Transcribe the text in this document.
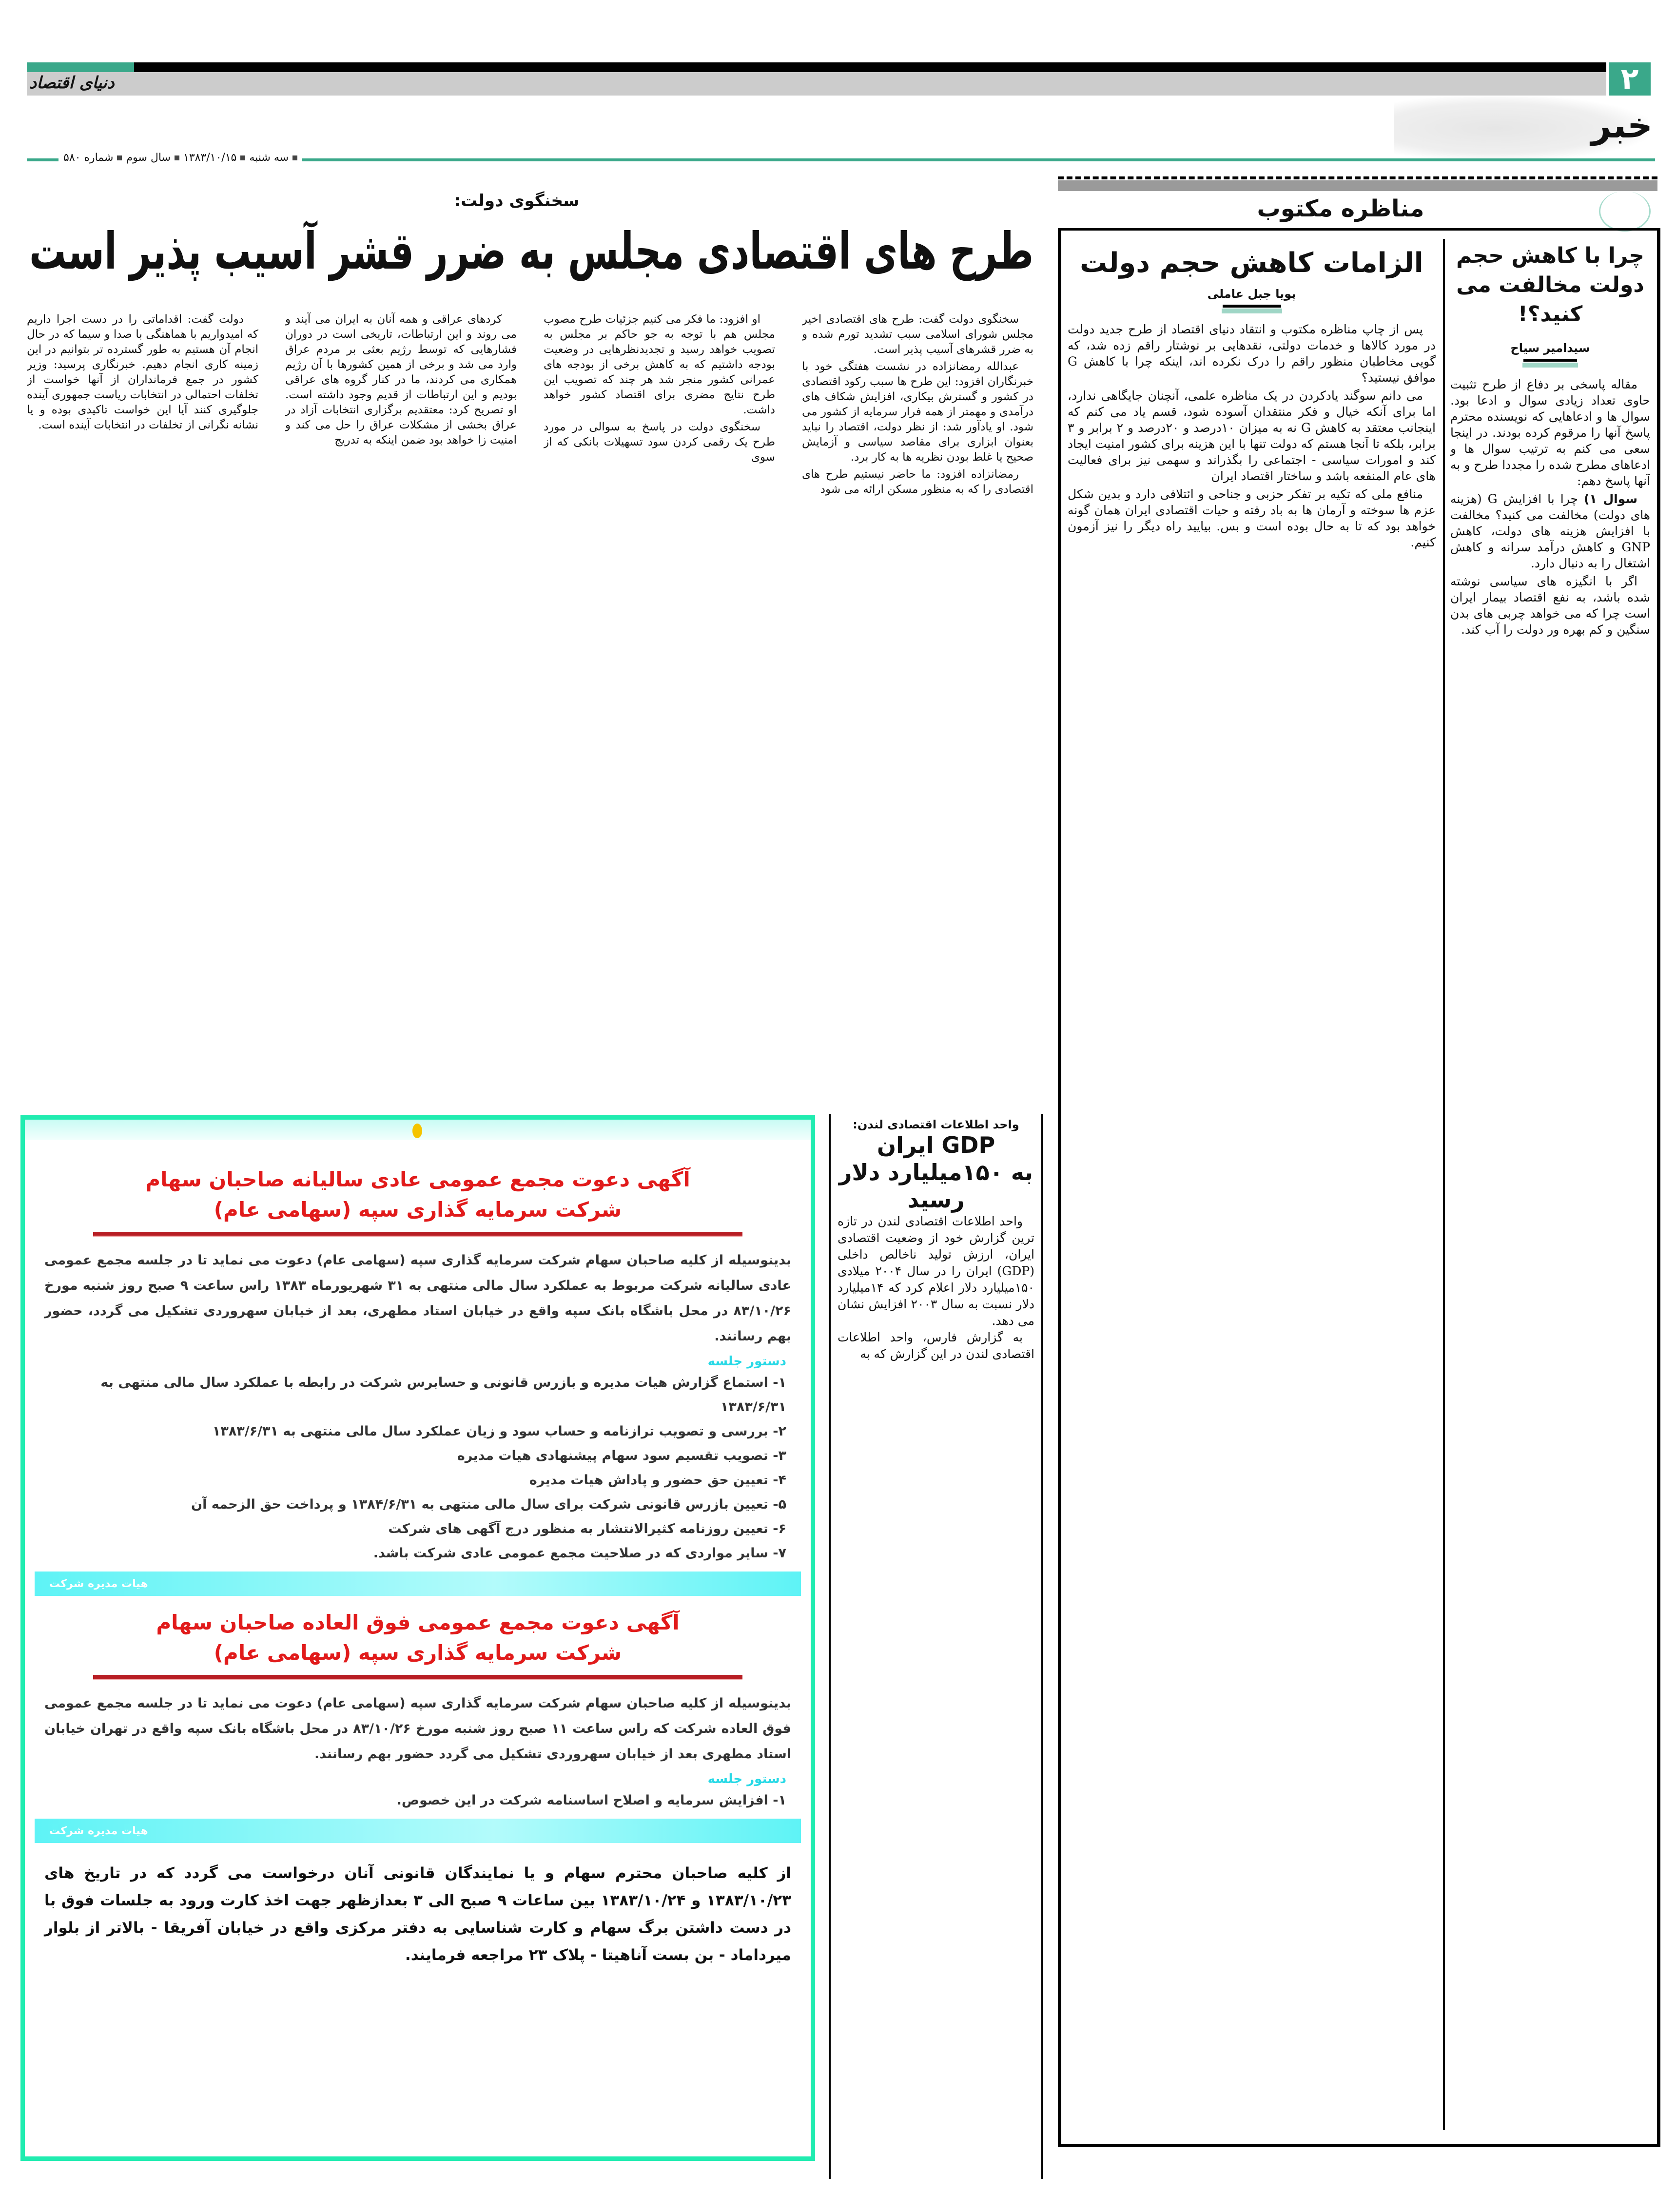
۲
دنیای اقتصاد
خبر
سه شنبه
۱۳۸۳/۱۰/۱۵
سال سوم
شماره ۵۸۰
سخنگوی دولت:
طرح های اقتصادی مجلس به ضرر قشر آسیب پذیر است

سخنگوی دولت گفت: طرح های اقتصادی اخیر مجلس شورای اسلامی سبب تشدید تورم شده و به ضرر قشرهای آسیب پذیر است.

عبدالله رمضانزاده در نشست هفتگی خود با خبرنگاران افزود: این طرح ها سبب رکود اقتصادی در کشور و گسترش بیکاری، افزایش شکاف های درآمدی و مهمتر از همه فرار سرمایه از کشور می شود. او یادآور شد: از نظر دولت، اقتصاد را نباید بعنوان ابزاری برای مقاصد سیاسی و آزمایش صحیح یا غلط بودن نظریه ها به کار برد.

رمضانزاده افزود: ما حاضر نیستیم طرح های اقتصادی را که به منظور مسکن ارائه می شود

او افزود: ما فکر می کنیم جزئیات طرح مصوب مجلس هم با توجه به جو حاکم بر مجلس به تصویب خواهد رسید و تجدیدنظرهایی در وضعیت بودجه داشتیم که به کاهش برخی از بودجه های عمرانی کشور منجر شد هر چند که تصویب این طرح نتایج مضری برای اقتصاد کشور خواهد داشت.

سخنگوی دولت در پاسخ به سوالی در مورد طرح یک رقمی کردن سود تسهیلات بانکی که از سوی

کردهای عراقی و همه آنان به ایران می آیند و می روند و این ارتباطات، تاریخی است در دوران فشارهایی که توسط رژیم بعثی بر مردم عراق وارد می شد و برخی از همین کشورها با آن رژیم همکاری می کردند، ما در کنار گروه های عراقی بودیم و این ارتباطات از قدیم وجود داشته است. او تصریح کرد: معتقدیم برگزاری انتخابات آزاد در عراق بخشی از مشکلات عراق را حل می کند و امنیت زا خواهد بود ضمن اینکه به تدریج

دولت گفت: اقداماتی را در دست اجرا داریم که امیدواریم با هماهنگی با صدا و سیما که در حال انجام آن هستیم به طور گسترده تر بتوانیم در این زمینه کاری انجام دهیم. خبرنگاری پرسید: وزیر کشور در جمع فرمانداران از آنها خواست از تخلفات احتمالی در انتخابات ریاست جمهوری آینده جلوگیری کنند آیا این خواست تاکیدی بوده و یا نشانه نگرانی از تخلفات در انتخابات آینده است.

مناظره مکتوب
چرا با کاهش حجم دولت مخالفت می کنید؟!
سیدامیر سیاح

مقاله پاسخی بر دفاع از طرح تثبیت حاوی تعداد زیادی سوال و ادعا بود. سوال ها و ادعاهایی که نویسنده محترم پاسخ آنها را مرقوم کرده بودند. در اینجا سعی می کنم به ترتیب سوال ها و ادعاهای مطرح شده را مجددا طرح و به آنها پاسخ دهم:

سوال ۱) چرا با افزایش G (هزینه های دولت) مخالفت می کنید؟ مخالفت با افزایش هزینه های دولت، کاهش GNP و کاهش درآمد سرانه و کاهش اشتغال را به دنبال دارد.

اگر با انگیزه های سیاسی نوشته شده باشد، به نفع اقتصاد بیمار ایران است چرا که می خواهد چربی های بدن سنگین و کم بهره ور دولت را آب کند.

الزامات کاهش حجم دولت
پویا جبل عاملی

پس از چاپ مناظره مکتوب و انتقاد دنیای اقتصاد از طرح جدید دولت در مورد کالاها و خدمات دولتی، نقدهایی بر نوشتار راقم زده شد، که گویی مخاطبان منظور راقم را درک نکرده اند، اینکه چرا با کاهش G موافق نیستید؟

می دانم سوگند یادکردن در یک مناظره علمی، آنچنان جایگاهی ندارد، اما برای آنکه خیال و فکر منتقدان آسوده شود، قسم یاد می کنم که اینجانب معتقد به کاهش G نه به میزان ۱۰درصد و ۲۰درصد و ۲ برابر و ۳ برابر، بلکه تا آنجا هستم که دولت تنها با این هزینه برای کشور امنیت ایجاد کند و امورات سیاسی - اجتماعی را بگذراند و سهمی نیز برای فعالیت های عام المنفعه باشد و ساختار اقتصاد ایران

منافع ملی که تکیه بر تفکر حزبی و جناحی و ائتلافی دارد و بدین شکل عزم ها سوخته و آرمان ها به باد رفته و حیات اقتصادی ایران همان گونه خواهد بود که تا به حال بوده است و بس. بیایید راه دیگر را نیز آزمون کنیم.

واحد اطلاعات اقتصادی لندن:
GDP ایران
به ۱۵۰میلیارد دلار رسید

واحد اطلاعات اقتصادی لندن در تازه ترین گزارش خود از وضعیت اقتصادی ایران، ارزش تولید ناخالص داخلی (GDP) ایران را در سال ۲۰۰۴ میلادی ۱۵۰میلیارد دلار اعلام کرد که ۱۴میلیارد دلار نسبت به سال ۲۰۰۳ افزایش نشان می دهد.

به گزارش فارس، واحد اطلاعات اقتصادی لندن در این گزارش که به

آگهی دعوت مجمع عمومی عادی سالیانه صاحبان سهام
شرکت سرمایه گذاری سپه (سهامی عام)
بدینوسیله از کلیه صاحبان سهام شرکت سرمایه گذاری سپه (سهامی عام) دعوت می نماید تا در جلسه مجمع عمومی عادی سالیانه شرکت مربوط به عملکرد سال مالی منتهی به ۳۱ شهریورماه ۱۳۸۳ راس ساعت ۹ صبح روز شنبه مورخ ۸۳/۱۰/۲۶ در محل باشگاه بانک سپه واقع در خیابان استاد مطهری، بعد از خیابان سهروردی تشکیل می گردد، حضور بهم رسانند.
دستور جلسه
۱- استماع گزارش هیات مدیره و بازرس قانونی و حسابرس شرکت در رابطه با عملکرد سال مالی منتهی به ۱۳۸۳/۶/۳۱
۲- بررسی و تصویب ترازنامه و حساب سود و زیان عملکرد سال مالی منتهی به ۱۳۸۳/۶/۳۱
۳- تصویب تقسیم سود سهام پیشنهادی هیات مدیره
۴- تعیین حق حضور و پاداش هیات مدیره
۵- تعیین بازرس قانونی شرکت برای سال مالی منتهی به ۱۳۸۴/۶/۳۱ و پرداخت حق الزحمه آن
۶- تعیین روزنامه کثیرالانتشار به منظور درج آگهی های شرکت
۷- سایر مواردی که در صلاحیت مجمع عمومی عادی شرکت باشد.
هیات مدیره شرکت
آگهی دعوت مجمع عمومی فوق العاده صاحبان سهام
شرکت سرمایه گذاری سپه (سهامی عام)
بدینوسیله از کلیه صاحبان سهام شرکت سرمایه گذاری سپه (سهامی عام) دعوت می نماید تا در جلسه مجمع عمومی فوق العاده شرکت که راس ساعت ۱۱ صبح روز شنبه مورخ ۸۳/۱۰/۲۶ در محل باشگاه بانک سپه واقع در تهران خیابان استاد مطهری بعد از خیابان سهروردی تشکیل می گردد حضور بهم رسانند.
دستور جلسه
۱- افزایش سرمایه و اصلاح اساسنامه شرکت در این خصوص.
هیات مدیره شرکت
از کلیه صاحبان محترم سهام و یا نمایندگان قانونی آنان درخواست می گردد که در تاریخ های ۱۳۸۳/۱۰/۲۳ و ۱۳۸۳/۱۰/۲۴ بین ساعات ۹ صبح الی ۳ بعدازظهر جهت اخذ کارت ورود به جلسات فوق با در دست داشتن برگ سهام و کارت شناسایی به دفتر مرکزی واقع در خیابان آفریقا - بالاتر از بلوار میرداماد - بن بست آناهیتا - پلاک ۲۳ مراجعه فرمایند.
